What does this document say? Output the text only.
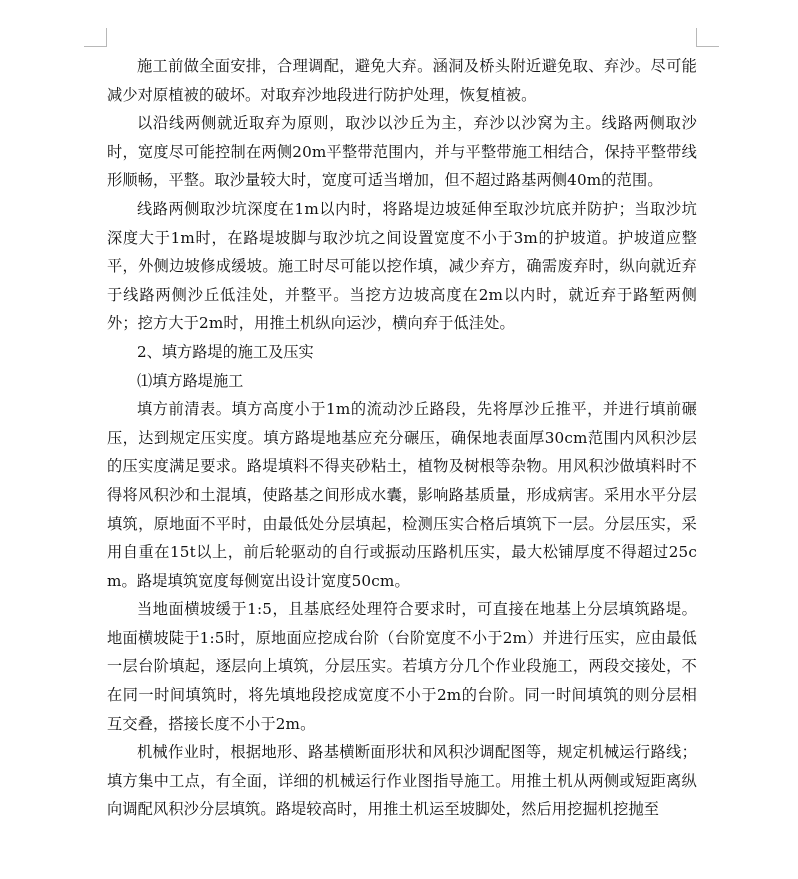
施工前做全面安排，合理调配，避免大弃。涵洞及桥头附近避免取、弃沙。尽可能减少对原植被的破坏。对取弃沙地段进行防护处理，恢复植被。

以沿线两侧就近取弃为原则，取沙以沙丘为主，弃沙以沙窝为主。线路两侧取沙时，宽度尽可能控制在两侧20m平整带范围内，并与平整带施工相结合，保持平整带线形顺畅，平整。取沙量较大时，宽度可适当增加，但不超过路基两侧40m的范围。

线路两侧取沙坑深度在1m以内时，将路堤边坡延伸至取沙坑底并防护；当取沙坑深度大于1m时，在路堤坡脚与取沙坑之间设置宽度不小于3m的护坡道。护坡道应整平，外侧边坡修成缓坡。施工时尽可能以挖作填，减少弃方，确需废弃时，纵向就近弃于线路两侧沙丘低洼处，并整平。当挖方边坡高度在2m以内时，就近弃于路堑两侧外；挖方大于2m时，用推土机纵向运沙，横向弃于低洼处。

2、填方路堤的施工及压实

⑴填方路堤施工

填方前清表。填方高度小于1m的流动沙丘路段，先将厚沙丘推平，并进行填前碾压，达到规定压实度。填方路堤地基应充分碾压，确保地表面厚30cm范围内风积沙层的压实度满足要求。路堤填料不得夹砂粘土，植物及树根等杂物。用风积沙做填料时不得将风积沙和土混填，使路基之间形成水囊，影响路基质量，形成病害。采用水平分层填筑，原地面不平时，由最低处分层填起，检测压实合格后填筑下一层。分层压实，采用自重在15t以上，前后轮驱动的自行或振动压路机压实，最大松铺厚度不得超过25cm。路堤填筑宽度每侧宽出设计宽度50cm。

当地面横坡缓于1:5，且基底经处理符合要求时，可直接在地基上分层填筑路堤。地面横坡陡于1:5时，原地面应挖成台阶（台阶宽度不小于2m）并进行压实，应由最低一层台阶填起，逐层向上填筑，分层压实。若填方分几个作业段施工，两段交接处，不在同一时间填筑时，将先填地段挖成宽度不小于2m的台阶。同一时间填筑的则分层相互交叠，搭接长度不小于2m。

机械作业时，根据地形、路基横断面形状和风积沙调配图等，规定机械运行路线；填方集中工点，有全面，详细的机械运行作业图指导施工。用推土机从两侧或短距离纵向调配风积沙分层填筑。路堤较高时，用推土机运至坡脚处，然后用挖掘机挖抛至
